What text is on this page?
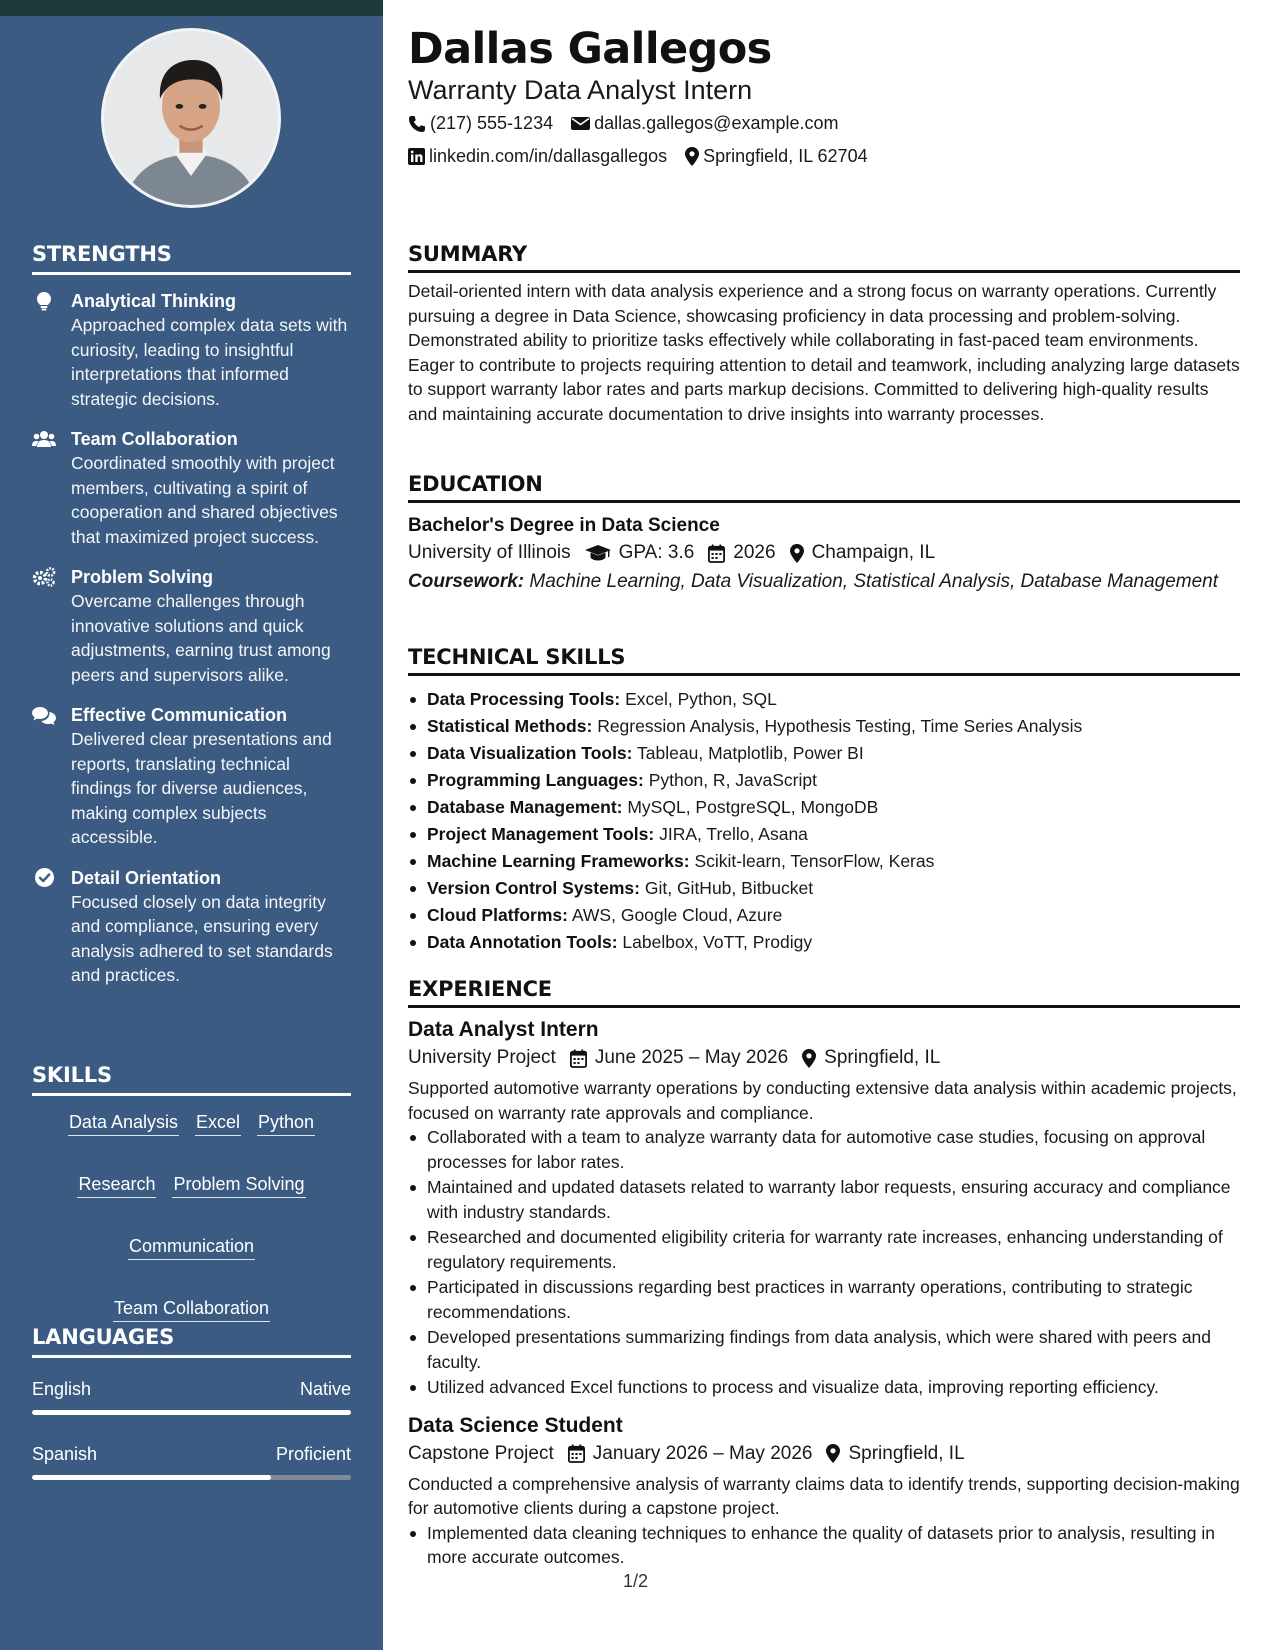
STRENGTHS
Analytical Thinking
Approached complex data sets with curiosity, leading to insightful interpretations that informed strategic decisions.
Team Collaboration
Coordinated smoothly with project members, cultivating a spirit of cooperation and shared objectives that maximized project success.
Problem Solving
Overcame challenges through innovative solutions and quick adjustments, earning trust among peers and supervisors alike.
Effective Communication
Delivered clear presentations and reports, translating technical findings for diverse audiences, making complex subjects accessible.
Detail Orientation
Focused closely on data integrity and compliance, ensuring every analysis adhered to set standards and practices.
SKILLS
Data Analysis Excel Python
Research Problem Solving
Communication
Team Collaboration
LANGUAGES
English	Native
Spanish	Proficient
Dallas Gallegos
Warranty Data Analyst Intern
(217) 555-1234 dallas.gallegos@example.com
linkedin.com/in/dallasgallegos Springfield, IL 62704
SUMMARY

Detail-oriented intern with data analysis experience and a strong focus on warranty operations. Currently pursuing a degree in Data Science, showcasing proficiency in data processing and problem-solving. Demonstrated ability to prioritize tasks effectively while collaborating in fast-paced team environments. Eager to contribute to projects requiring attention to detail and teamwork, including analyzing large datasets to support warranty labor rates and parts markup decisions. Committed to delivering high-quality results and maintaining accurate documentation to drive insights into warranty processes.

EDUCATION
Bachelor's Degree in Data Science
University of Illinois	GPA: 3.6 2026 Champaign, IL
Coursework: Machine Learning, Data Visualization, Statistical Analysis, Database Management
TECHNICAL SKILLS
Data Processing Tools: Excel, Python, SQL
Statistical Methods: Regression Analysis, Hypothesis Testing, Time Series Analysis
Data Visualization Tools: Tableau, Matplotlib, Power BI
Programming Languages: Python, R, JavaScript
Database Management: MySQL, PostgreSQL, MongoDB
Project Management Tools: JIRA, Trello, Asana
Machine Learning Frameworks: Scikit-learn, TensorFlow, Keras
Version Control Systems: Git, GitHub, Bitbucket
Cloud Platforms: AWS, Google Cloud, Azure
Data Annotation Tools: Labelbox, VoTT, Prodigy
EXPERIENCE
Data Analyst Intern
University Project June 2025 – May 2026 Springfield, IL

Supported automotive warranty operations by conducting extensive data analysis within academic projects, focused on warranty rate approvals and compliance.

Collaborated with a team to analyze warranty data for automotive case studies, focusing on approval processes for labor rates.
Maintained and updated datasets related to warranty labor requests, ensuring accuracy and compliance with industry standards.
Researched and documented eligibility criteria for warranty rate increases, enhancing understanding of regulatory requirements.
Participated in discussions regarding best practices in warranty operations, contributing to strategic recommendations.
Developed presentations summarizing findings from data analysis, which were shared with peers and faculty.
Utilized advanced Excel functions to process and visualize data, improving reporting efficiency.
Data Science Student
Capstone Project January 2026 – May 2026 Springfield, IL

Conducted a comprehensive analysis of warranty claims data to identify trends, supporting decision-making for automotive clients during a capstone project.

Implemented data cleaning techniques to enhance the quality of datasets prior to analysis, resulting in more accurate outcomes.
1/2
